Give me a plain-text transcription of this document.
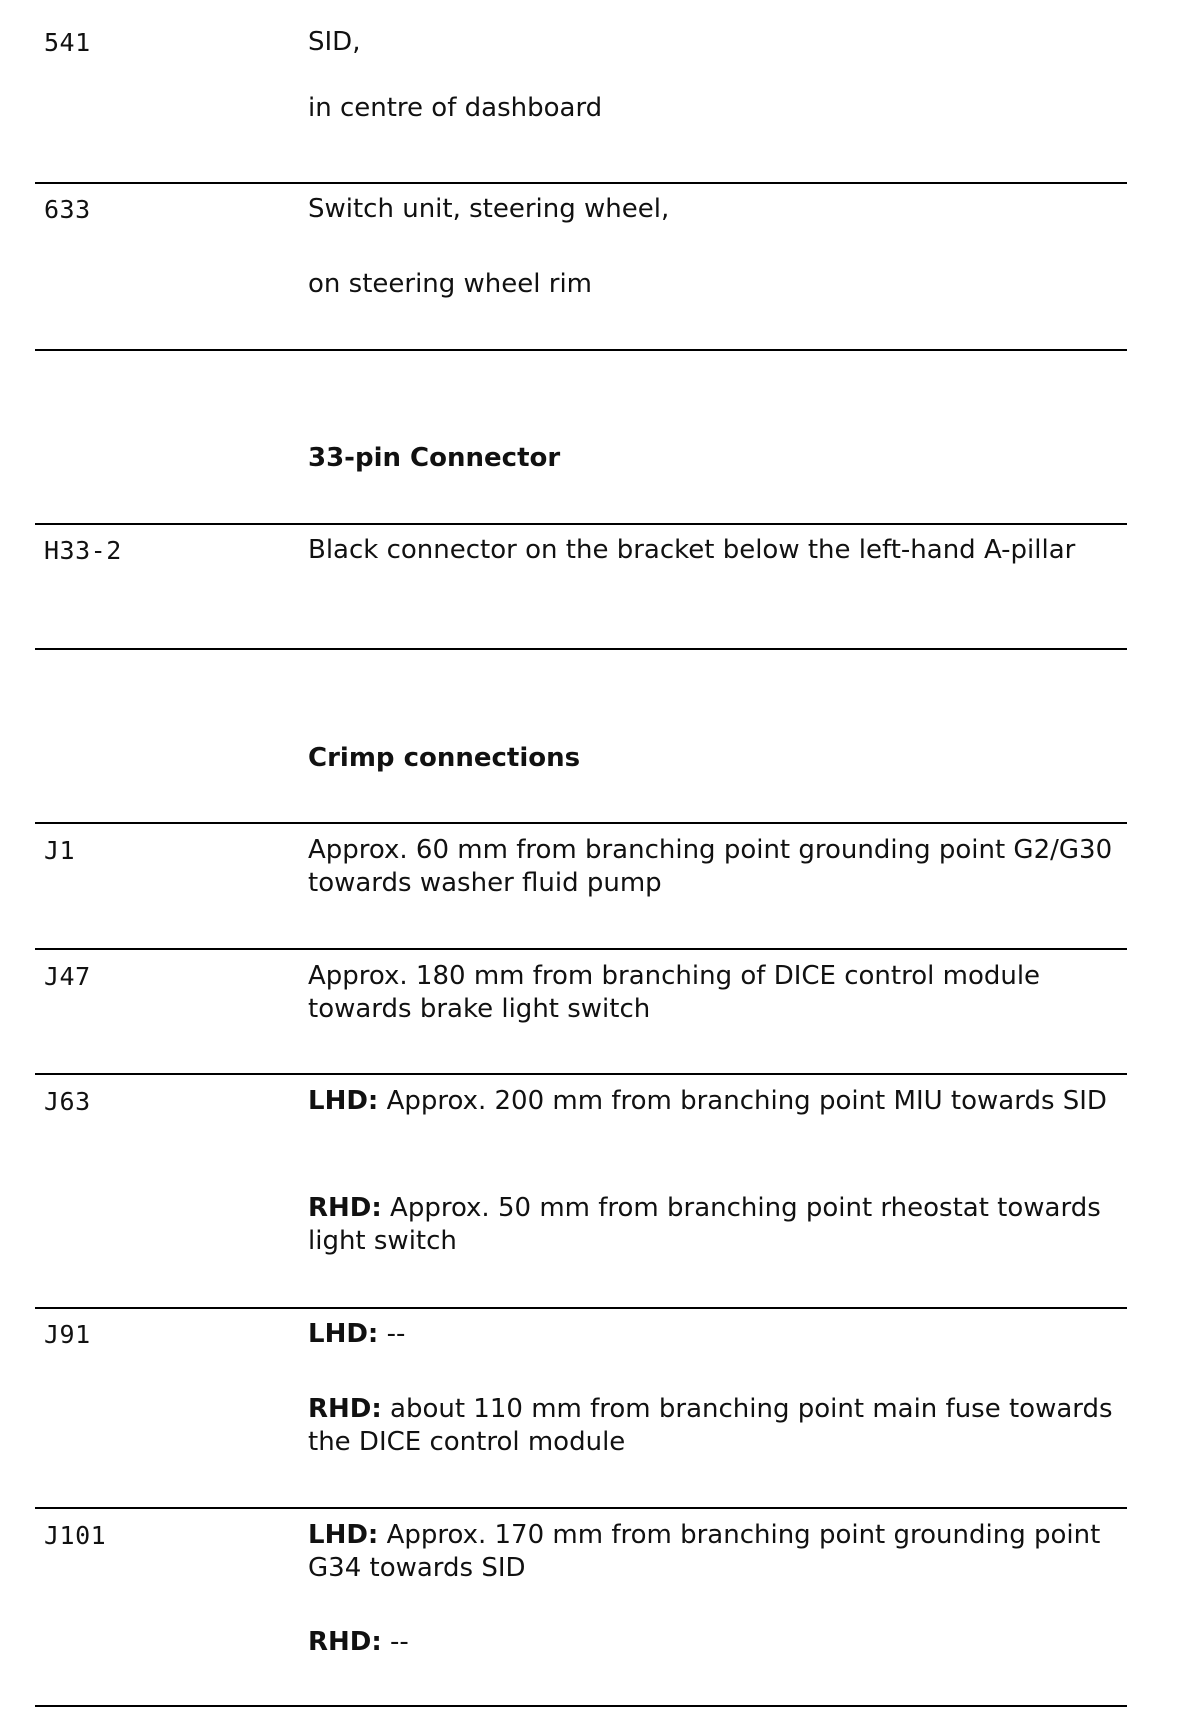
541	SID,
in centre of dashboard
633	Switch unit, steering wheel,
on steering wheel rim
33-pin Connector
H33-2	Black connector on the bracket below the left-hand A-pillar
Crimp connections
J1	Approx. 60 mm from branching point grounding point G2/G30 towards washer fluid pump
J47	Approx. 180 mm from branching of DICE control module towards brake light switch
J63	LHD: Approx. 200 mm from branching point MIU towards SID
RHD: Approx. 50 mm from branching point rheostat towards light switch
J91	LHD: --
RHD: about 110 mm from branching point main fuse towards the DICE control module
J101	LHD: Approx. 170 mm from branching point grounding point G34 towards SID
RHD: --
